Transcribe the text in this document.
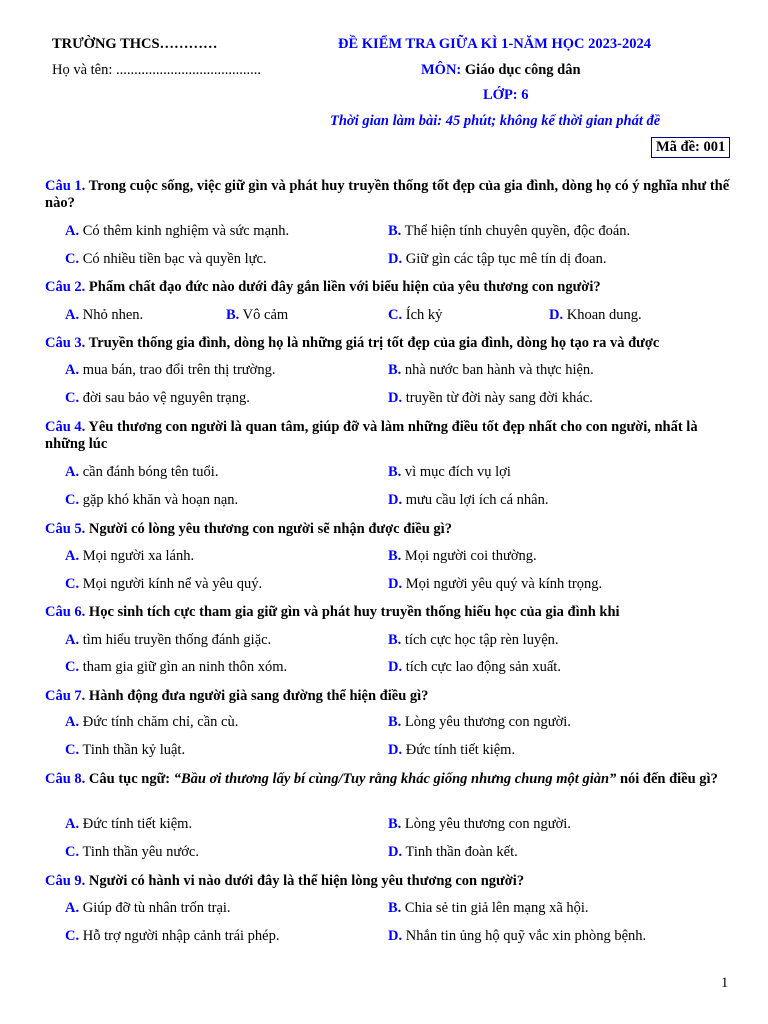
TRƯỜNG THCS…………
Họ và tên: ........................................
ĐỀ KIỂM TRA GIỮA KÌ 1-NĂM HỌC 2023-2024
MÔN: Giáo dục công dân
LỚP: 6
Thời gian làm bài: 45 phút; không kể thời gian phát đề
Mã đề: 001
Câu 1. Trong cuộc sống, việc giữ gìn và phát huy truyền thống tốt đẹp của gia đình, dòng họ có ý nghĩa như thế nào?
A. Có thêm kinh nghiệm và sức mạnh.	B. Thể hiện tính chuyên quyền, độc đoán.
C. Có nhiều tiền bạc và quyền lực.	D. Giữ gìn các tập tục mê tín dị đoan.
Câu 2. Phẩm chất đạo đức nào dưới đây gắn liền với biểu hiện của yêu thương con người?
A. Nhỏ nhen.	B. Vô cảm	C. Ích kỷ	D. Khoan dung.
Câu 3. Truyền thống gia đình, dòng họ là những giá trị tốt đẹp của gia đình, dòng họ tạo ra và được
A. mua bán, trao đổi trên thị trường.	B. nhà nước ban hành và thực hiện.
C. đời sau bảo vệ nguyên trạng.	D. truyền từ đời này sang đời khác.
Câu 4. Yêu thương con người là quan tâm, giúp đỡ và làm những điều tốt đẹp nhất cho con người, nhất là những lúc
A. cần đánh bóng tên tuổi.	B. vì mục đích vụ lợi
C. gặp khó khăn và hoạn nạn.	D. mưu cầu lợi ích cá nhân.
Câu 5. Người có lòng yêu thương con người sẽ nhận được điều gì?
A. Mọi người xa lánh.	B. Mọi người coi thường.
C. Mọi người kính nể và yêu quý.	D. Mọi người yêu quý và kính trọng.
Câu 6. Học sinh tích cực tham gia giữ gìn và phát huy truyền thống hiếu học của gia đình khi
A. tìm hiểu truyền thống đánh giặc.	B. tích cực học tập rèn luyện.
C. tham gia giữ gìn an ninh thôn xóm.	D. tích cực lao động sản xuất.
Câu 7. Hành động đưa người già sang đường thể hiện điều gì?
A. Đức tính chăm chỉ, cần cù.	B. Lòng yêu thương con người.
C. Tinh thần kỷ luật.	D. Đức tính tiết kiệm.
Câu 8. Câu tục ngữ: “Bầu ơi thương lấy bí cùng/Tuy rằng khác giống nhưng chung một giàn” nói đến điều gì?
A. Đức tính tiết kiệm.	B. Lòng yêu thương con người.
C. Tinh thần yêu nước.	D. Tinh thần đoàn kết.
Câu 9. Người có hành vi nào dưới đây là thể hiện lòng yêu thương con người?
A. Giúp đỡ tù nhân trốn trại.	B. Chia sẻ tin giả lên mạng xã hội.
C. Hỗ trợ người nhập cảnh trái phép.	D. Nhắn tin ủng hộ quỹ vắc xin phòng bệnh.
1
